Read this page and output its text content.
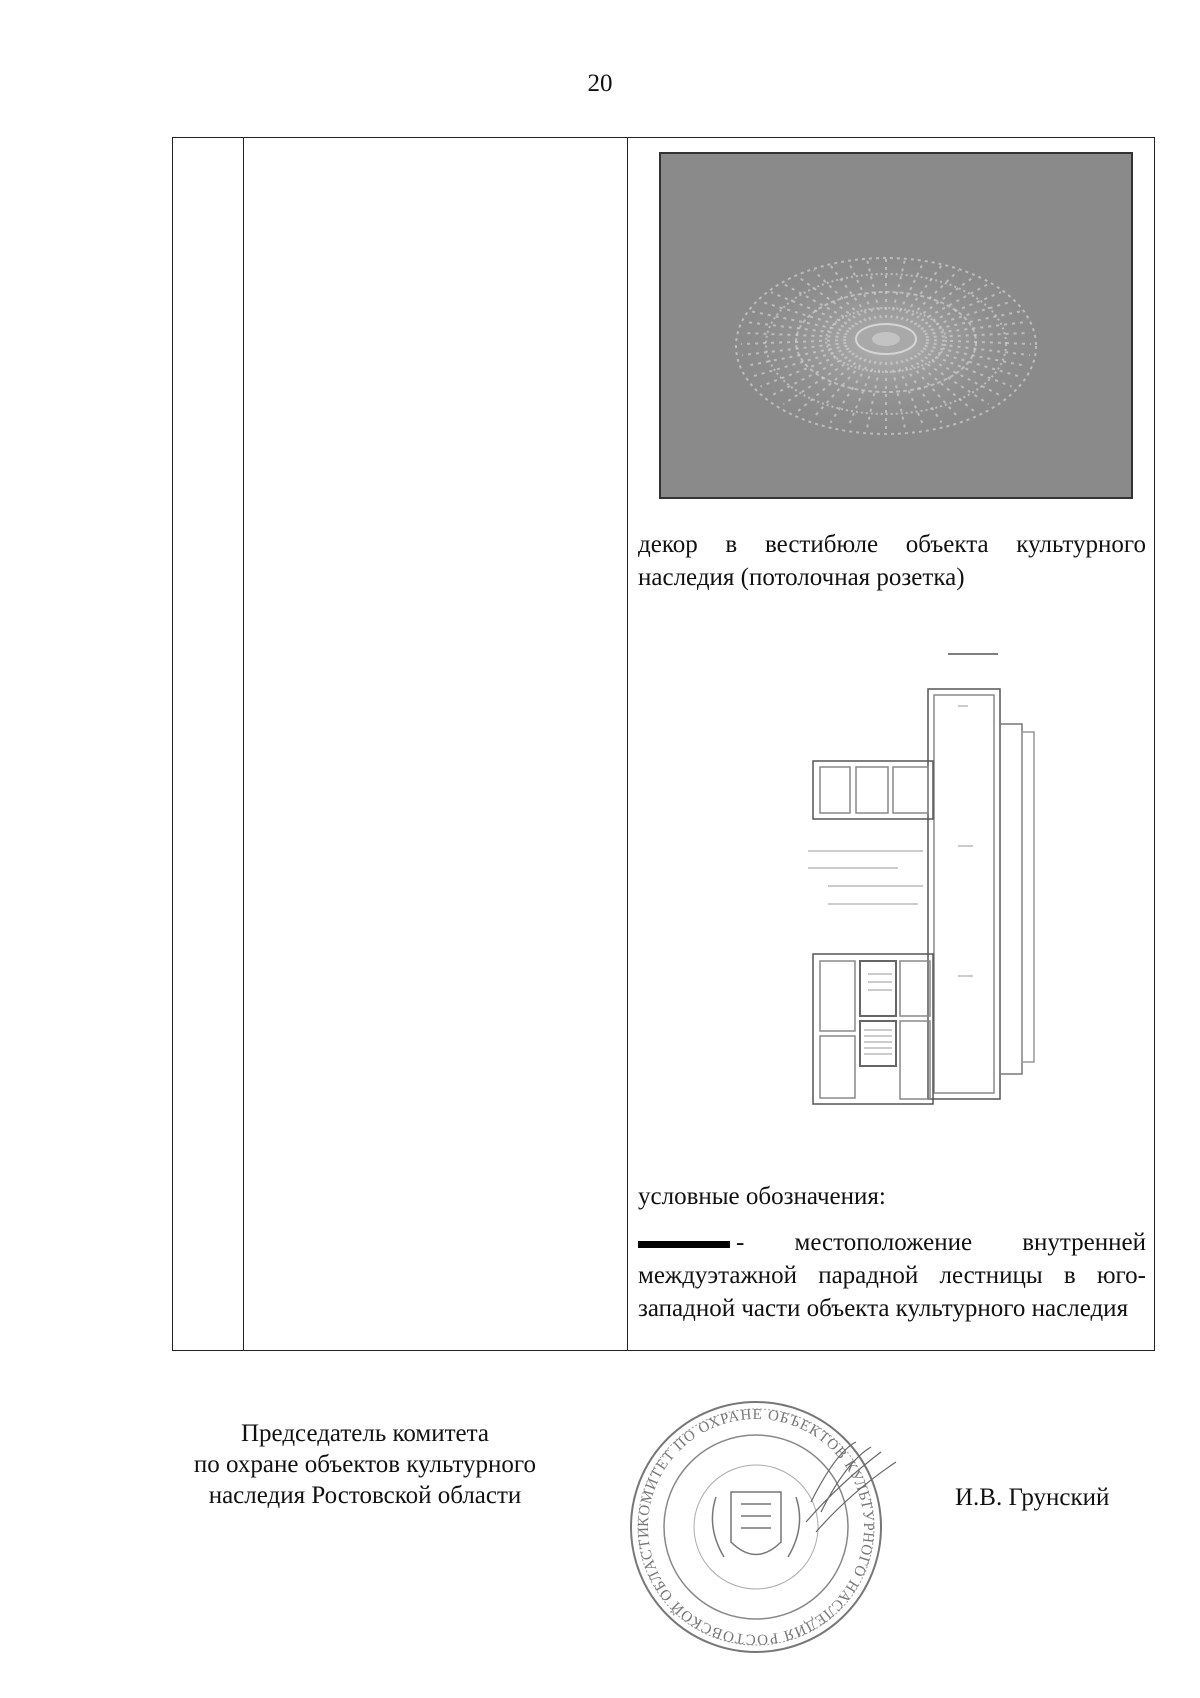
20

декор в вестибюле объекта культурного наследия (потолочная розетка)
условные обозначения:
- местоположение внутренней междуэтажной парадной лестницы в юго-западной части объекта культурного наследия
Председатель комитета
по охране объектов культурного
наследия Ростовской области
КОМИТЕТ ПО ОХРАНЕ ОБЪЕКТОВ КУЛЬТУРНОГО НАСЛЕДИЯ РОСТОВСКОЙ ОБЛАСТИ
И.В. Грунский
